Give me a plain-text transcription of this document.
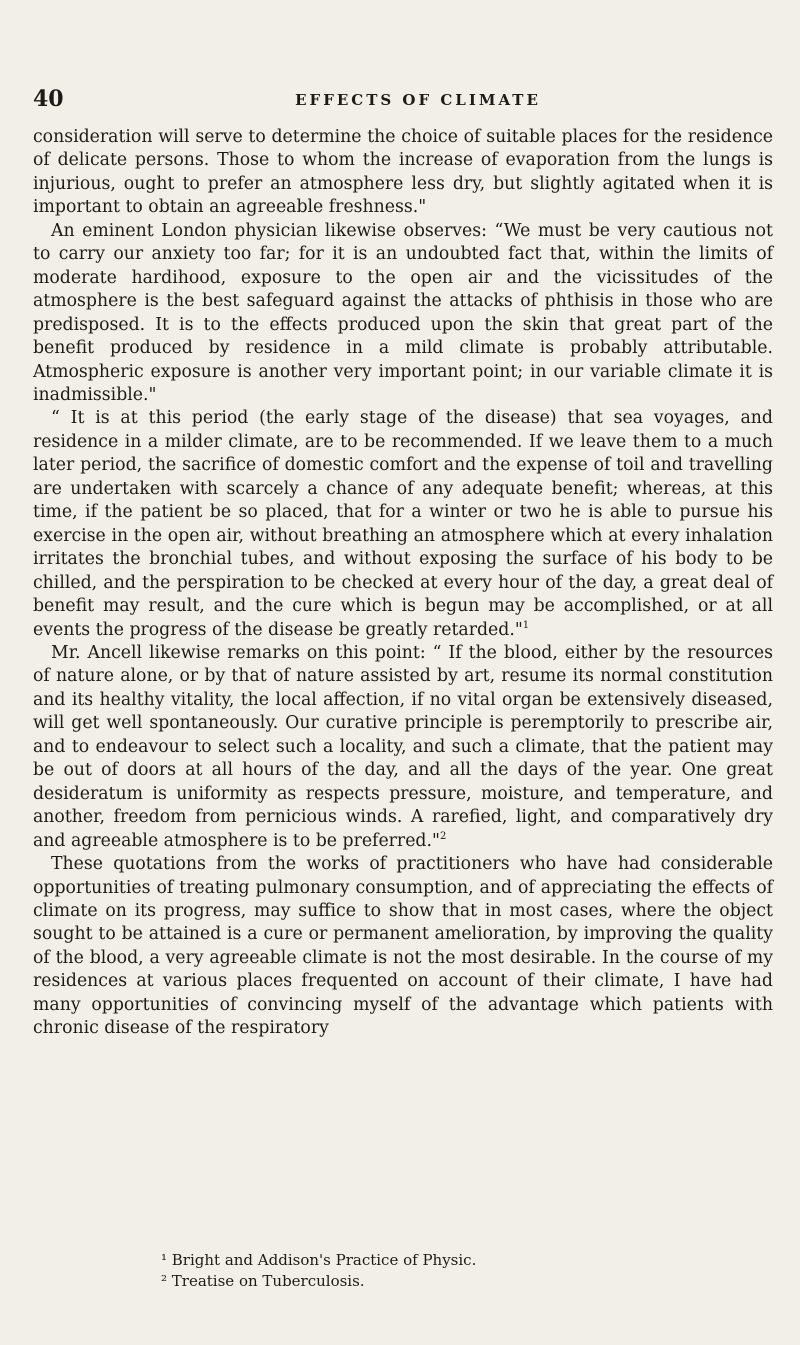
40	EFFECTS OF CLIMATE

consideration will serve to determine the choice of suitable places for the residence of delicate persons. Those to whom the increase of evaporation from the lungs is injurious, ought to prefer an atmosphere less dry, but slightly agitated when it is important to obtain an agreeable freshness."

An eminent London physician likewise observes: “We must be very cautious not to carry our anxiety too far; for it is an undoubted fact that, within the limits of moderate hardihood, exposure to the open air and the vicissitudes of the atmosphere is the best safeguard against the attacks of phthisis in those who are predisposed. It is to the effects produced upon the skin that great part of the benefit produced by residence in a mild climate is probably attributable. Atmospheric exposure is another very important point; in our variable climate it is inadmissible."

“ It is at this period (the early stage of the disease) that sea voyages, and residence in a milder climate, are to be recommended. If we leave them to a much later period, the sacrifice of domestic comfort and the expense of toil and travelling are undertaken with scarcely a chance of any adequate benefit; whereas, at this time, if the patient be so placed, that for a winter or two he is able to pursue his exercise in the open air, without breathing an atmosphere which at every inhalation irritates the bronchial tubes, and without exposing the surface of his body to be chilled, and the perspiration to be checked at every hour of the day, a great deal of benefit may result, and the cure which is begun may be accomplished, or at all events the progress of the disease be greatly retarded."$^1$

Mr. Ancell likewise remarks on this point: “ If the blood, either by the resources of nature alone, or by that of nature assisted by art, resume its normal constitution and its healthy vitality, the local affection, if no vital organ be extensively diseased, will get well spontaneously. Our curative principle is peremptorily to prescribe air, and to endeavour to select such a locality, and such a climate, that the patient may be out of doors at all hours of the day, and all the days of the year. One great desideratum is uniformity as respects pressure, moisture, and temperature, and another, freedom from pernicious winds. A rarefied, light, and comparatively dry and agreeable atmosphere is to be preferred."$^2$

These quotations from the works of practitioners who have had considerable opportunities of treating pulmonary consumption, and of appreciating the effects of climate on its progress, may suffice to show that in most cases, where the object sought to be attained is a cure or permanent amelioration, by improving the quality of the blood, a very agreeable climate is not the most desirable. In the course of my residences at various places frequented on account of their climate, I have had many opportunities of convincing myself of the advantage which patients with chronic disease of the respiratory

¹ Bright and Addison's Practice of Physic.
² Treatise on Tuberculosis.
